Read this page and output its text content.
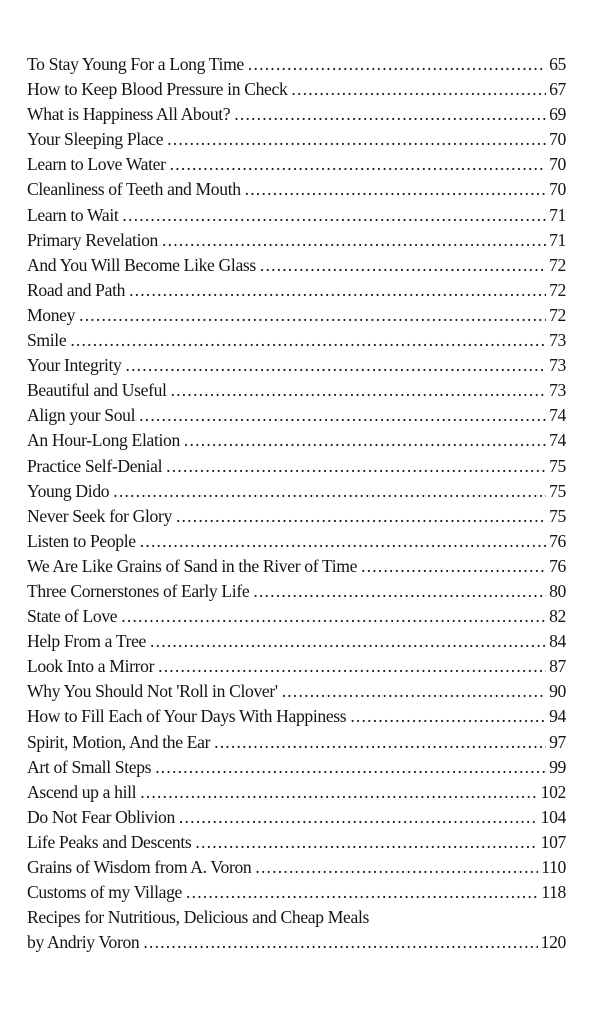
To Stay Young For a Long Time .....	65
How to Keep Blood Pressure in Check .....	67
What is Happiness All About? .....	69
Your Sleeping Place .....	70
Learn to Love Water .....	70
Cleanliness of Teeth and Mouth .....	70
Learn to Wait .....	71
Primary Revelation .....	71
And You Will Become Like Glass .....	72
Road and Path .....	72
Money .....	72
Smile .....	73
Your Integrity .....	73
Beautiful and Useful .....	73
Align your Soul .....	74
An Hour-Long Elation .....	74
Practice Self-Denial .....	75
Young Dido .....	75
Never Seek for Glory .....	75
Listen to People .....	76
We Are Like Grains of Sand in the River of Time .....	76
Three Cornerstones of Early Life .....	80
State of Love .....	82
Help From a Tree .....	84
Look Into a Mirror .....	87
Why You Should Not 'Roll in Clover' .....	90
How to Fill Each of Your Days With Happiness .....	94
Spirit, Motion, And the Ear .....	97
Art of Small Steps .....	99
Ascend up a hill .....	102
Do Not Fear Oblivion .....	104
Life Peaks and Descents .....	107
Grains of Wisdom from A. Voron .....	110
Customs of my Village .....	118
Recipes for Nutritious, Delicious and Cheap Meals
by Andriy Voron .....	120
